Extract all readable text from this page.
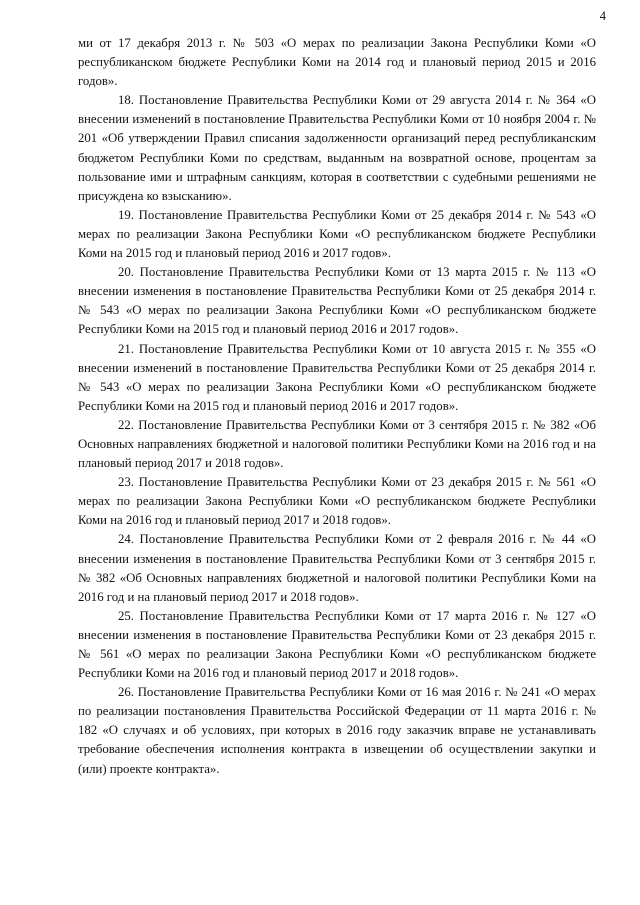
4

ми от 17 декабря 2013 г. № 503 «О мерах по реализации Закона Республики Коми «О республиканском бюджете Республики Коми на 2014 год и плановый период 2015 и 2016 годов».

18. Постановление Правительства Республики Коми от 29 августа 2014 г. № 364 «О внесении изменений в постановление Правительства Республики Коми от 10 ноября 2004 г. № 201 «Об утверждении Правил списания задолженности организаций перед республиканским бюджетом Республики Коми по средствам, выданным на возвратной основе, процентам за пользование ими и штрафным санкциям, которая в соответствии с судебными решениями не присуждена ко взысканию».

19. Постановление Правительства Республики Коми от 25 декабря 2014 г. № 543 «О мерах по реализации Закона Республики Коми «О республиканском бюджете Республики Коми на 2015 год и плановый период 2016 и 2017 годов».

20. Постановление Правительства Республики Коми от 13 марта 2015 г. № 113 «О внесении изменения в постановление Правительства Республики Коми от 25 декабря 2014 г. № 543 «О мерах по реализации Закона Республики Коми «О республиканском бюджете Республики Коми на 2015 год и плановый период 2016 и 2017 годов».

21. Постановление Правительства Республики Коми от 10 августа 2015 г. № 355 «О внесении изменений в постановление Правительства Республики Коми от 25 декабря 2014 г. № 543 «О мерах по реализации Закона Республики Коми «О республиканском бюджете Республики Коми на 2015 год и плановый период 2016 и 2017 годов».

22. Постановление Правительства Республики Коми от 3 сентября 2015 г. № 382 «Об Основных направлениях бюджетной и налоговой политики Республики Коми на 2016 год и на плановый период 2017 и 2018 годов».

23. Постановление Правительства Республики Коми от 23 декабря 2015 г. № 561 «О мерах по реализации Закона Республики Коми «О республиканском бюджете Республики Коми на 2016 год и плановый период 2017 и 2018 годов».

24. Постановление Правительства Республики Коми от 2 февраля 2016 г. № 44 «О внесении изменения в постановление Правительства Республики Коми от 3 сентября 2015 г. № 382 «Об Основных направлениях бюджетной и налоговой политики Республики Коми на 2016 год и на плановый период 2017 и 2018 годов».

25. Постановление Правительства Республики Коми от 17 марта 2016 г. № 127 «О внесении изменения в постановление Правительства Республики Коми от 23 декабря 2015 г. № 561 «О мерах по реализации Закона Республики Коми «О республиканском бюджете Республики Коми на 2016 год и плановый период 2017 и 2018 годов».

26. Постановление Правительства Республики Коми от 16 мая 2016 г. № 241 «О мерах по реализации постановления Правительства Российской Федерации от 11 марта 2016 г. № 182 «О случаях и об условиях, при которых в 2016 году заказчик вправе не устанавливать требование обеспечения исполнения контракта в извещении об осуществлении закупки и (или) проекте контракта».
